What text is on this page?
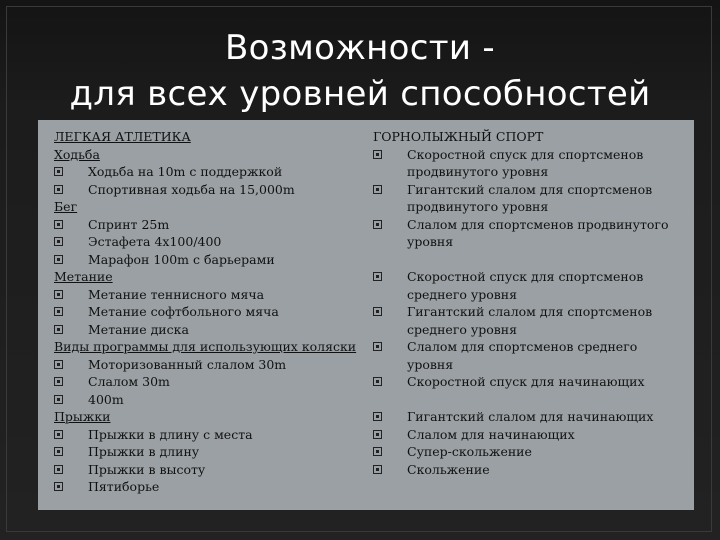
Возможности -
для всех уровней способностей
ЛЕГКАЯ АТЛЕТИКА
Ходьба
Ходьба на 10m с поддержкой
Спортивная ходьба на 15,000m
Бег
Спринт 25m
Эстафета 4x100/400
Марафон 100m с барьерами
Метание
Метание теннисного мяча
Метание софтбольного мяча
Метание диска
Виды программы для использующих коляски
Моторизованный слалом 30m
Слалом 30m
400m
Прыжки
Прыжки в длину с места
Прыжки в длину
Прыжки в высоту
Пятиборье
ГОРНОЛЫЖНЫЙ СПОРТ
Скоростной спуск для спортсменов продвинутого уровня
Гигантский слалом для спортсменов продвинутого уровня
Слалом для спортсменов продвинутого уровня
Скоростной спуск для спортсменов среднего уровня
Гигантский слалом для спортсменов среднего уровня
Слалом для спортсменов среднего уровня
Скоростной спуск для начинающих
Гигантский слалом для начинающих
Слалом для начинающих
Супер-скольжение
Скольжение
